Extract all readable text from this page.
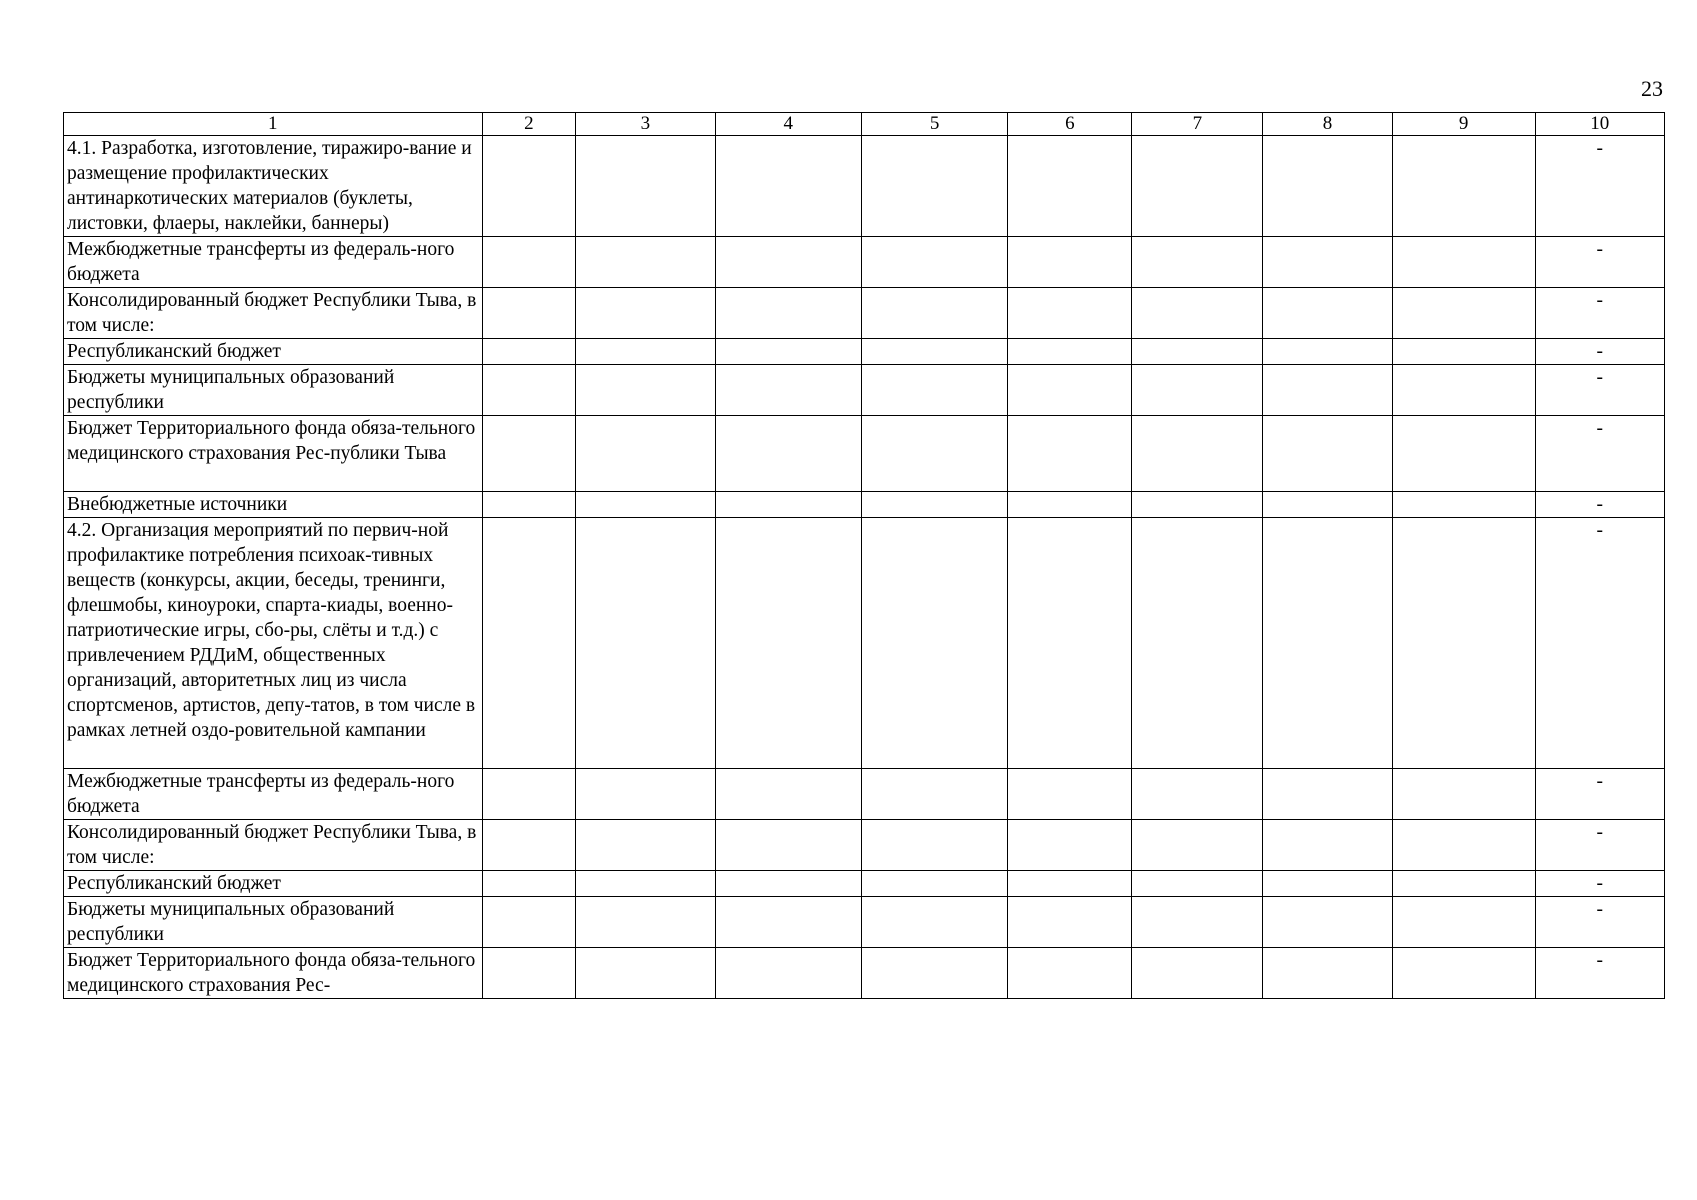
23
1	2	3	4	5	6	7	8	9	10
4.1. Разработка, изготовление, тиражиро-вание и размещение профилактических антинаркотических материалов (буклеты, листовки, флаеры, наклейки, баннеры)									-
Межбюджетные трансферты из федераль-ного бюджета									-
Консолидированный бюджет Республики Тыва, в том числе:									-
Республиканский бюджет									-
Бюджеты муниципальных образований республики									-
Бюджет Территориального фонда обяза-тельного медицинского страхования Рес-публики Тыва									-
Внебюджетные источники									-
4.2. Организация мероприятий по первич-ной профилактике потребления психоак-тивных веществ (конкурсы, акции, беседы, тренинги, флешмобы, киноуроки, спарта-киады, военно-патриотические игры, сбо-ры, слёты и т.д.) с привлечением РДДиМ, общественных организаций, авторитетных лиц из числа спортсменов, артистов, депу-татов, в том числе в рамках летней оздо-ровительной кампании									-
Межбюджетные трансферты из федераль-ного бюджета									-
Консолидированный бюджет Республики Тыва, в том числе:									-
Республиканский бюджет									-
Бюджеты муниципальных образований республики									-
Бюджет Территориального фонда обяза-тельного медицинского страхования Рес-									-
